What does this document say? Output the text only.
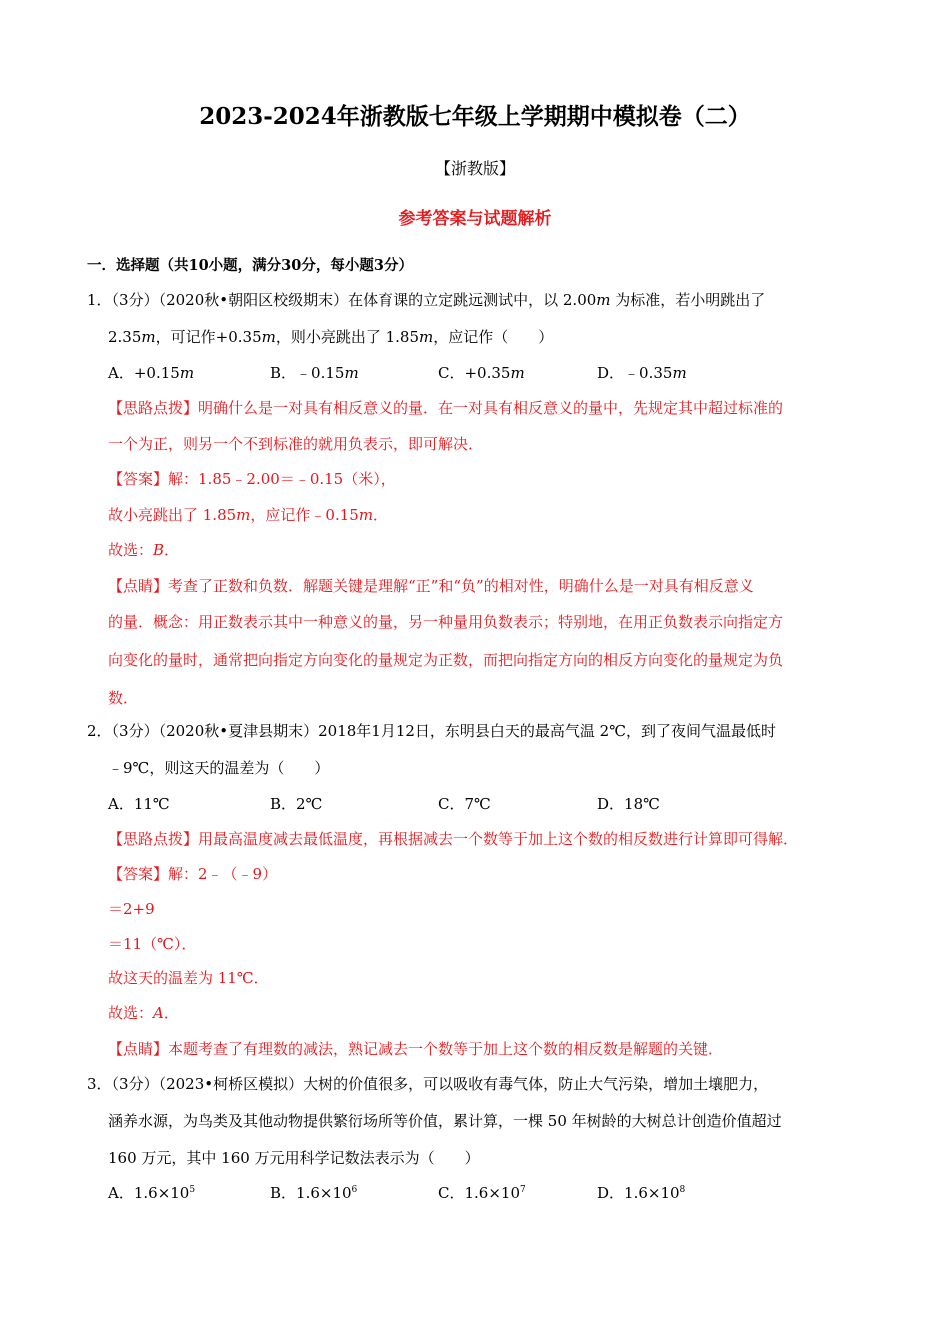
2023-2024年浙教版七年级上学期期中模拟卷（二）
【浙教版】
参考答案与试题解析
一．选择题（共10小题，满分30分，每小题3分）
1．（3分）（2020秋•朝阳区校级期末）在体育课的立定跳远测试中，以 2.00m 为标准，若小明跳出了
2.35m，可记作+0.35m，则小亮跳出了 1.85m，应记作（　　）
A．+0.15m	B．﹣0.15m	C．+0.35m	D．﹣0.35m
【思路点拨】明确什么是一对具有相反意义的量．在一对具有相反意义的量中，先规定其中超过标准的
一个为正，则另一个不到标准的就用负表示，即可解决．
【答案】解：1.85﹣2.00＝﹣0.15（米），
故小亮跳出了 1.85m，应记作﹣0.15m．
故选：B．
【点睛】考查了正数和负数．解题关键是理解“正”和“负”的相对性，明确什么是一对具有相反意义
的量．概念：用正数表示其中一种意义的量，另一种量用负数表示；特别地，在用正负数表示向指定方
向变化的量时，通常把向指定方向变化的量规定为正数，而把向指定方向的相反方向变化的量规定为负
数．
2．（3分）（2020秋•夏津县期末）2018年1月12日，东明县白天的最高气温 2℃，到了夜间气温最低时
﹣9℃，则这天的温差为（　　）
A．11℃	B．2℃	C．7℃	D．18℃
【思路点拨】用最高温度减去最低温度，再根据减去一个数等于加上这个数的相反数进行计算即可得解．
【答案】解：2﹣（﹣9）
＝2+9
＝11（℃）．
故这天的温差为 11℃．
故选：A．
【点睛】本题考查了有理数的减法，熟记减去一个数等于加上这个数的相反数是解题的关键．
3．（3分）（2023•柯桥区模拟）大树的价值很多，可以吸收有毒气体，防止大气污染，增加土壤肥力，
涵养水源，为鸟类及其他动物提供繁衍场所等价值，累计算，一棵 50 年树龄的大树总计创造价值超过
160 万元，其中 160 万元用科学记数法表示为（　　）
A．$1.6\times 10^5$	B．$1.6\times 10^6$	C．$1.6\times 10^7$	D．$1.6\times 10^8$
